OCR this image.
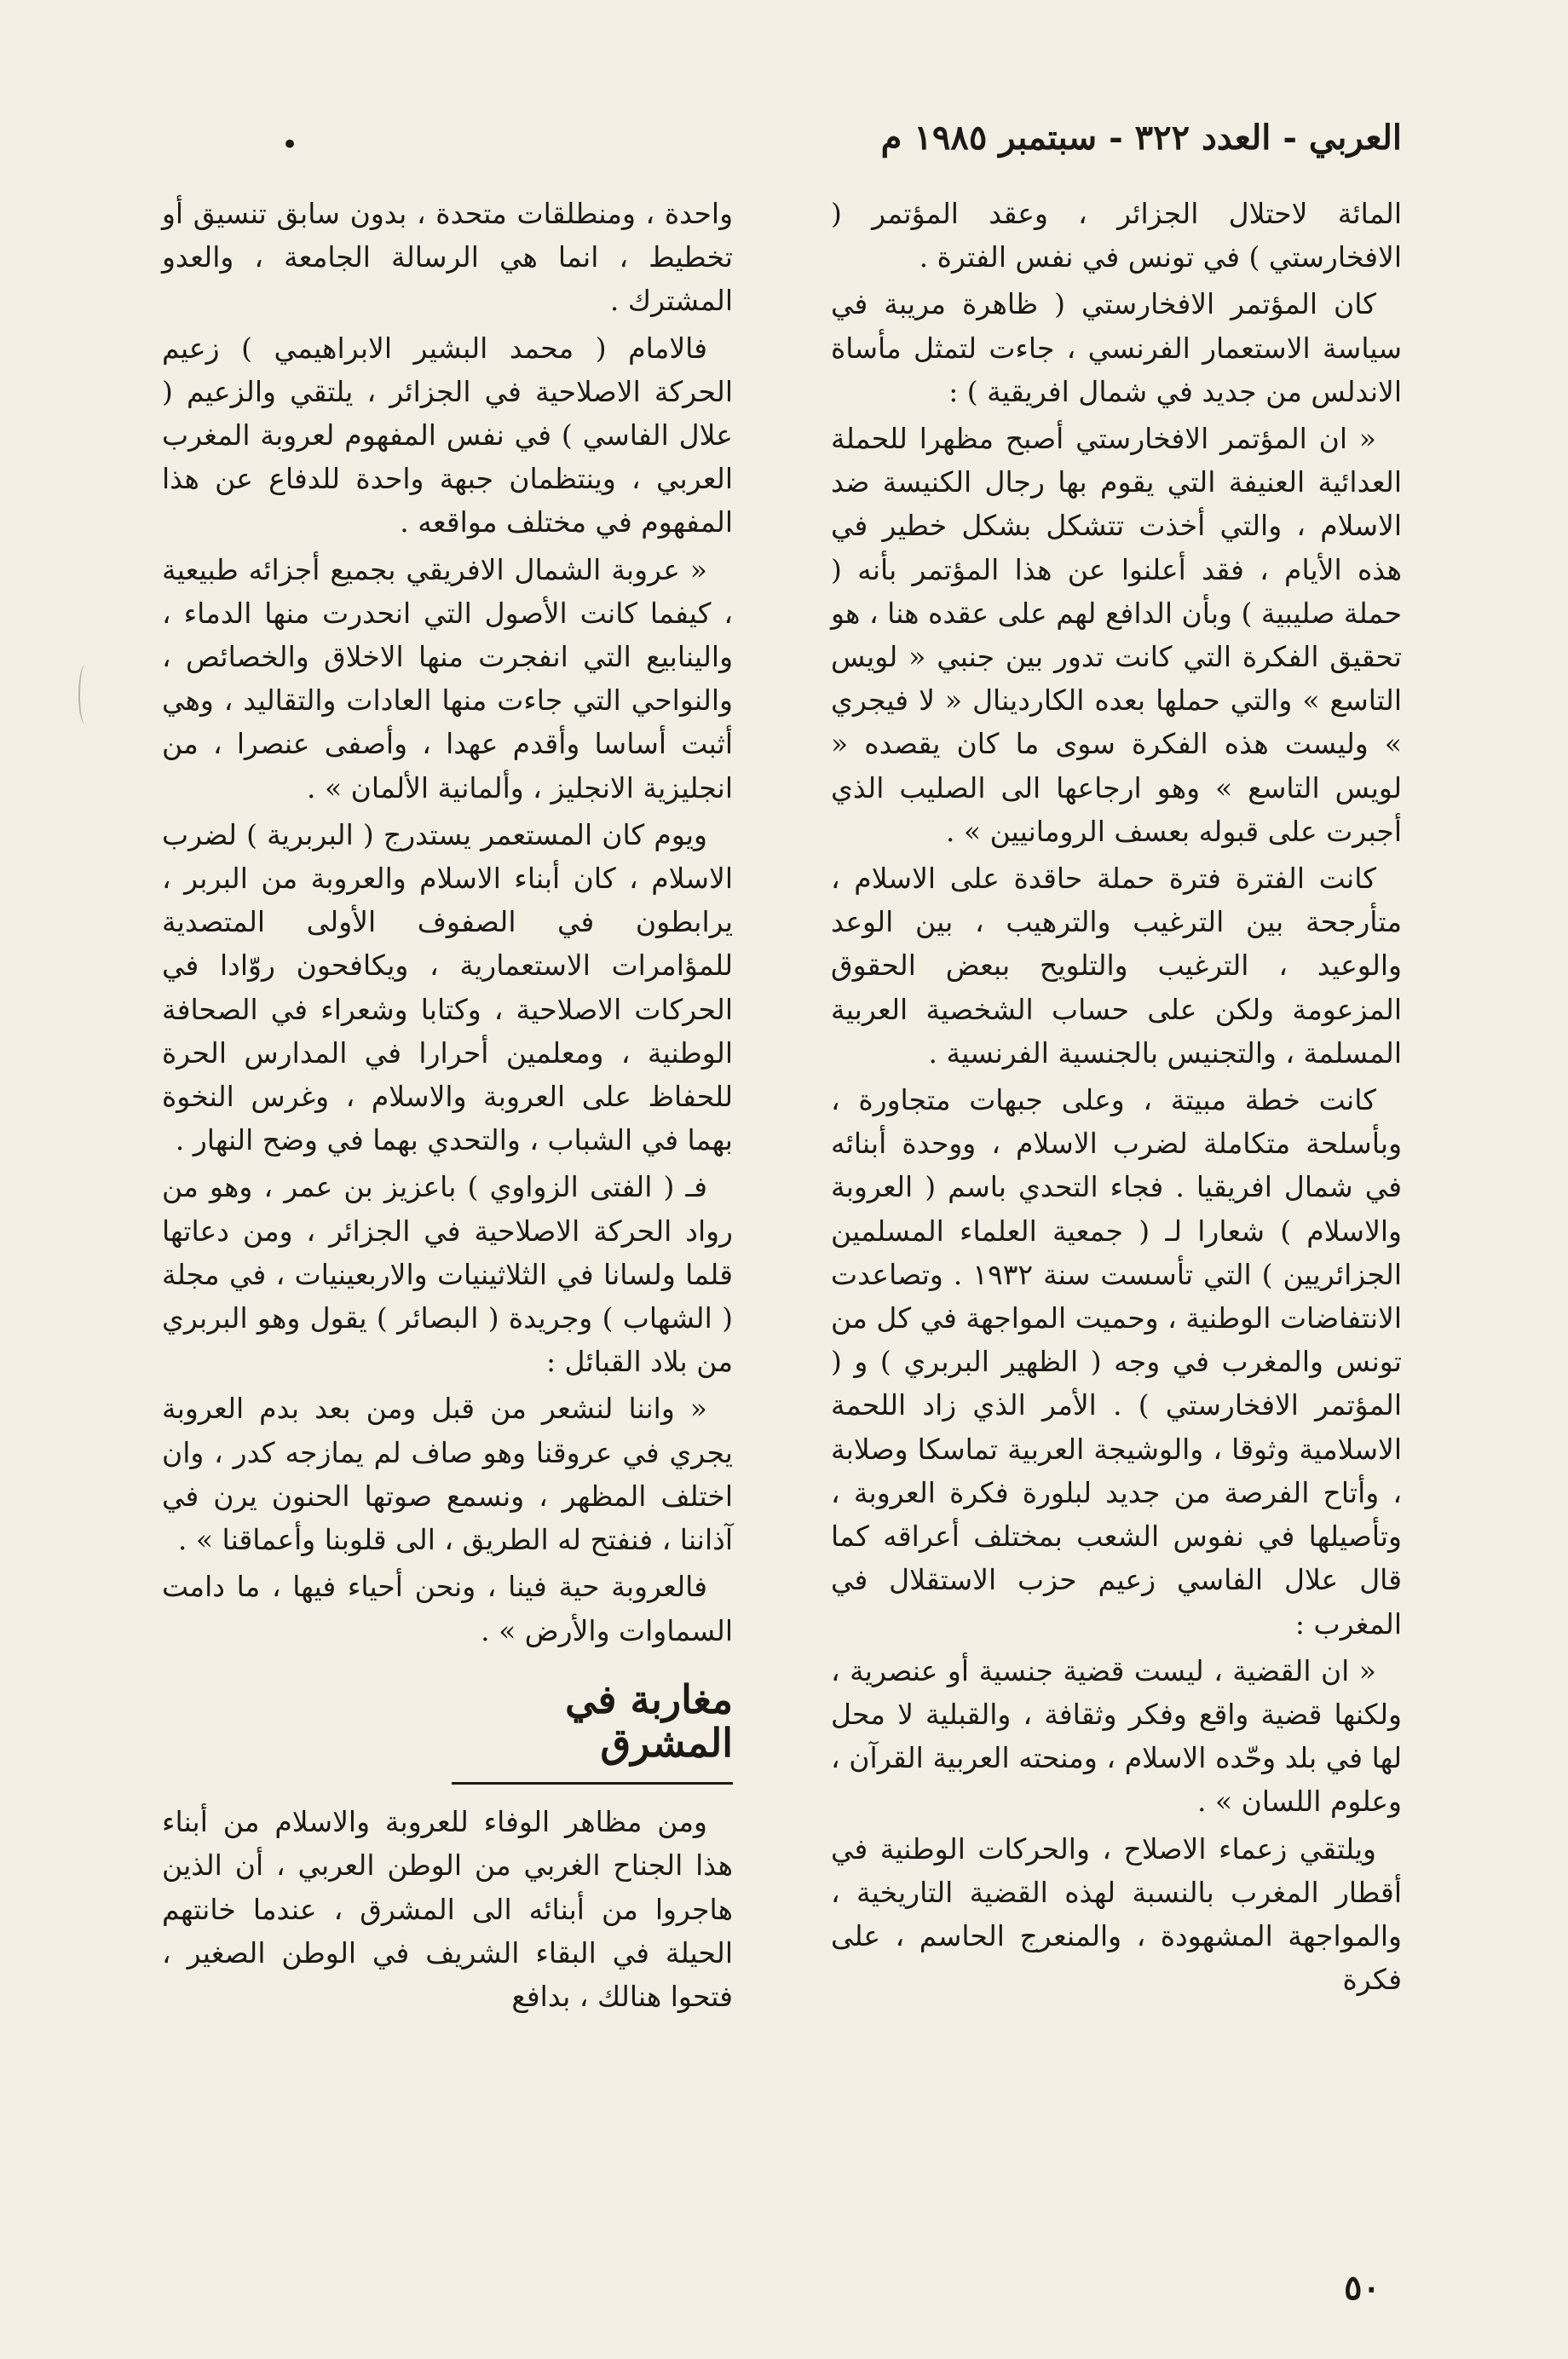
العربي - العدد ٣٢٢ - سبتمبر ١٩٨٥ م
•

المائة لاحتلال الجزائر ، وعقد المؤتمر ( الافخارستي ) في تونس في نفس الفترة .

كان المؤتمر الافخارستي ( ظاهرة مريبة في سياسة الاستعمار الفرنسي ، جاءت لتمثل مأساة الاندلس من جديد في شمال افريقية ) :

« ان المؤتمر الافخارستي أصبح مظهرا للحملة العدائية العنيفة التي يقوم بها رجال الكنيسة ضد الاسلام ، والتي أخذت تتشكل بشكل خطير في هذه الأيام ، فقد أعلنوا عن هذا المؤتمر بأنه ( حملة صليبية ) وبأن الدافع لهم على عقده هنا ، هو تحقيق الفكرة التي كانت تدور بين جنبي « لويس التاسع » والتي حملها بعده الكاردينال « لا فيجري » وليست هذه الفكرة سوى ما كان يقصده « لويس التاسع » وهو ارجاعها الى الصليب الذي أجبرت على قبوله بعسف الرومانيين » .

كانت الفترة فترة حملة حاقدة على الاسلام ، متأرجحة بين الترغيب والترهيب ، بين الوعد والوعيد ، الترغيب والتلويح ببعض الحقوق المزعومة ولكن على حساب الشخصية العربية المسلمة ، والتجنيس بالجنسية الفرنسية .

كانت خطة مبيتة ، وعلى جبهات متجاورة ، وبأسلحة متكاملة لضرب الاسلام ، ووحدة أبنائه في شمال افريقيا . فجاء التحدي باسم ( العروبة والاسلام ) شعارا لـ ( جمعية العلماء المسلمين الجزائريين ) التي تأسست سنة ١٩٣٢ . وتصاعدت الانتفاضات الوطنية ، وحميت المواجهة في كل من تونس والمغرب في وجه ( الظهير البربري ) و ( المؤتمر الافخارستي ) . الأمر الذي زاد اللحمة الاسلامية وثوقا ، والوشيجة العربية تماسكا وصلابة ، وأتاح الفرصة من جديد لبلورة فكرة العروبة ، وتأصيلها في نفوس الشعب بمختلف أعراقه كما قال علال الفاسي زعيم حزب الاستقلال في المغرب :

« ان القضية ، ليست قضية جنسية أو عنصرية ، ولكنها قضية واقع وفكر وثقافة ، والقبلية لا محل لها في بلد وحّده الاسلام ، ومنحته العربية القرآن ، وعلوم اللسان » .

ويلتقي زعماء الاصلاح ، والحركات الوطنية في أقطار المغرب بالنسبة لهذه القضية التاريخية ، والمواجهة المشهودة ، والمنعرج الحاسم ، على فكرة

واحدة ، ومنطلقات متحدة ، بدون سابق تنسيق أو تخطيط ، انما هي الرسالة الجامعة ، والعدو المشترك .

فالامام ( محمد البشير الابراهيمي ) زعيم الحركة الاصلاحية في الجزائر ، يلتقي والزعيم ( علال الفاسي ) في نفس المفهوم لعروبة المغرب العربي ، وينتظمان جبهة واحدة للدفاع عن هذا المفهوم في مختلف مواقعه .

« عروبة الشمال الافريقي بجميع أجزائه طبيعية ، كيفما كانت الأصول التي انحدرت منها الدماء ، والينابيع التي انفجرت منها الاخلاق والخصائص ، والنواحي التي جاءت منها العادات والتقاليد ، وهي أثبت أساسا وأقدم عهدا ، وأصفى عنصرا ، من انجليزية الانجليز ، وألمانية الألمان » .

ويوم كان المستعمر يستدرج ( البربرية ) لضرب الاسلام ، كان أبناء الاسلام والعروبة من البربر ، يرابطون في الصفوف الأولى المتصدية للمؤامرات الاستعمارية ، ويكافحون روّادا في الحركات الاصلاحية ، وكتابا وشعراء في الصحافة الوطنية ، ومعلمين أحرارا في المدارس الحرة للحفاظ على العروبة والاسلام ، وغرس النخوة بهما في الشباب ، والتحدي بهما في وضح النهار .

فـ ( الفتى الزواوي ) باعزيز بن عمر ، وهو من رواد الحركة الاصلاحية في الجزائر ، ومن دعاتها قلما ولسانا في الثلاثينيات والاربعينيات ، في مجلة ( الشهاب ) وجريدة ( البصائر ) يقول وهو البربري من بلاد القبائل :

« واننا لنشعر من قبل ومن بعد بدم العروبة يجري في عروقنا وهو صاف لم يمازجه كدر ، وان اختلف المظهر ، ونسمع صوتها الحنون يرن في آذاننا ، فنفتح له الطريق ، الى قلوبنا وأعماقنا » .

فالعروبة حية فينا ، ونحن أحياء فيها ، ما دامت السماوات والأرض » .

مغاربة في المشرق

ومن مظاهر الوفاء للعروبة والاسلام من أبناء هذا الجناح الغربي من الوطن العربي ، أن الذين هاجروا من أبنائه الى المشرق ، عندما خانتهم الحيلة في البقاء الشريف في الوطن الصغير ، فتحوا هنالك ، بدافع

٥٠
